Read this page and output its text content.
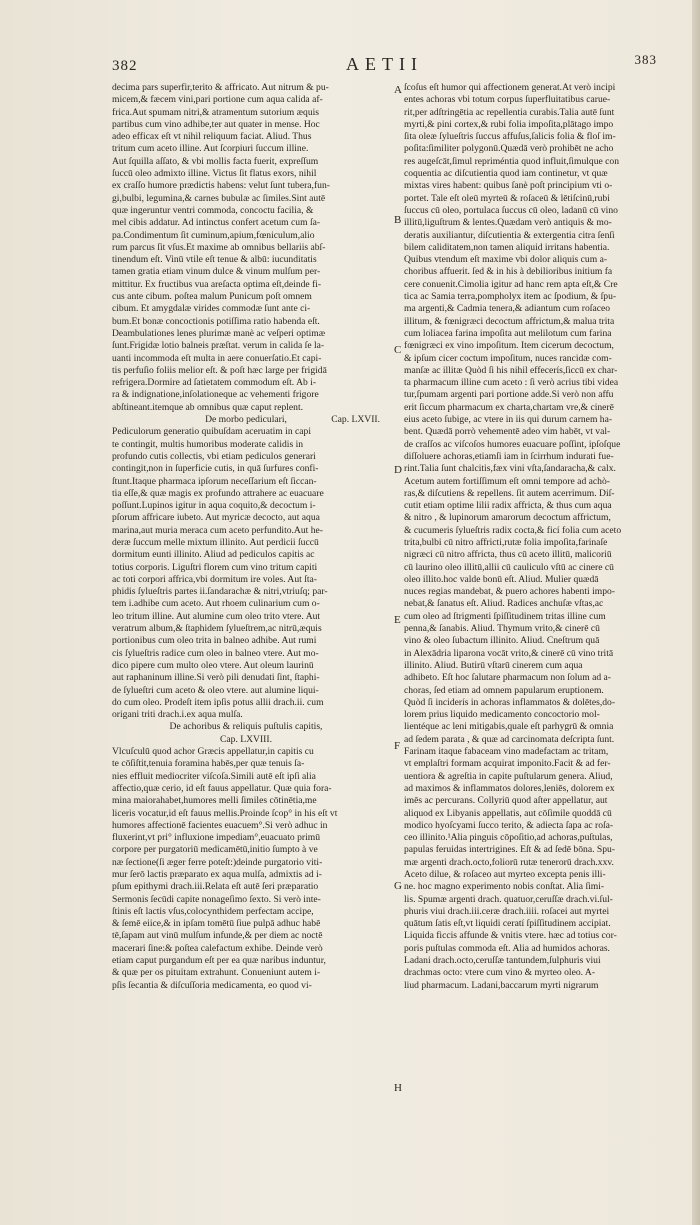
382	AETII	383
A
B
C
D
E
F
G
H
decima pars superfir,terito & affricato. Aut nitrum & pu-
micem,& fæcem vini,pari portione cum aqua calida af-
frica.Aut spumam nitri,& atramentum sutorium æquis
partibus cum vino adhibe,ter aut quater in mense. Hoc
adeo efficax eſt vt nihil reliquum faciat. Aliud. Thus
tritum cum aceto illine. Aut ſcorpiuri ſuccum illine.
Aut ſquilla aſſato, & vbi mollis facta fuerit, expreſſum
ſuccū oleo admixto illine. Victus ſit flatus exors, nihil
ex craſſo humore prædictis habens: velut ſunt tubera,fun-
gi,bulbi, legumina,& carnes bubulæ ac ſimiles.Sint autē
quæ ingeruntur ventri commoda, concoctu facilia, &
mel cibis addatur. Ad intinctus confert acetum cum ſa-
pa.Condimentum ſit cuminum,apium,fœniculum,alio
rum parcus ſit vſus.Et maxime ab omnibus bellariis abſ-
tinendum eſt. Vinū vtile eſt tenue & albū: iucunditatis
tamen gratia etiam vinum dulce & vinum mulſum per-
mittitur. Ex fructibus vua areſacta optima eſt,deinde fi-
cus ante cibum. poſtea malum Punicum poſt omnem
cibum. Et amygdalæ virides commodæ ſunt ante ci-
bum.Et bonæ concoctionis potiſſima ratio habenda eſt.
Deambulationes lenes plurimæ manè ac veſperi optimæ
ſunt.Frigidæ lotio balneis præſtat. verum in calida ſe la-
uanti incommoda eſt multa in aere conuerſatio.Et capi-
tis perfuſio foliis melior eſt. & poſt hæc large per frigidā
refrigera.Dormire ad ſatietatem commodum eſt. Ab i-
ra & indignatione,inſolationeque ac vehementi frigore
abſtineant.itemque ab omnibus quæ caput replent.
De morbo pediculari,	Cap. LXVII.
Pediculorum generatio quibuſdam aceruatim in capi
te contingit, multis humoribus moderate calidis in
profundo cutis collectis, vbi etiam pediculos generari
contingit,non in ſuperficie cutis, in quā ſurfures confi-
ſtunt.Itaque pharmaca ipſorum neceſſarium eſt ſiccan-
tia eſſe,& quæ magis ex profundo attrahere ac euacuare
poſſunt.Lupinos igitur in aqua coquito,& decoctum i-
pſorum affricare iubeto. Aut myricæ decocto, aut aqua
marina,aut muria meraca cum aceto perfundito.Aut he-
deræ ſuccum melle mixtum illinito. Aut perdicii ſuccū
dormitum eunti illinito. Aliud ad pediculos capitis ac
totius corporis. Liguſtri florem cum vino tritum capiti
ac toti corpori affrica,vbi dormitum ire voles. Aut ſta-
phidis ſylueſtris partes ii.ſandarachæ & nitri,vtriuſq; par-
tem i.adhibe cum aceto. Aut rhoem culinarium cum o-
leo tritum illine. Aut alumine cum oleo trito vtere. Aut
veratrum album,& ſtaphidem ſylueſtrem,ac nitrū,æquis
portionibus cum oleo trita in balneo adhibe. Aut rumi
cis ſylueſtris radice cum oleo in balneo vtere. Aut mo-
dico pipere cum multo oleo vtere. Aut oleum laurinū
aut raphaninum illine.Si verò pili denudati ſint, ſtaphi-
de ſylueſtri cum aceto & oleo vtere. aut alumine liqui-
do cum oleo. Prodeſt item ipſis potus allii drach.ii. cum
origani triti drach.i.ex aqua mulſa.
De achoribus & reliquis puſtulis capitis,
Cap. LXVIII.
Vlcuſculū quod achor Græcis appellatur,in capitis cu
te cōſiſtit,tenuia foramina habēs,per quæ tenuis ſa-
nies effluit mediocriter viſcoſa.Simili autē eſt ipſi alia
affectio,quæ cerio, id eſt fauus appellatur. Quæ quia fora-
mina maiorahabet,humores melli ſimiles cōtinētia,me
liceris vocatur,id eſt fauus mellis.Proinde ſcop° in his eſt vt
humores affectionē facientes euacuem°.Si verò adhuc in
fluxerint,vt pri° influxione impediam°,euacuato primū
corpore per purgatoriū medicamētū,initio ſumpto à ve
næ ſectione(ſi æger ferre poteſt:)deinde purgatorio viti-
mur ſerō lactis præparato ex aqua mulſa, admixtis ad i-
pſum epithymi drach.iii.Relata eſt autē ſeri præparatio
Sermonis ſecūdi capite nonageſimo ſexto. Si verò inte-
ſtinis eſt lactis vſus,colocynthidem perfectam accipe,
& ſemē eiice,& in ipſam tomētū ſiue pulpā adhuc habē
tē,ſapam aut vinū mulſum infunde,& per diem ac noctē
macerari ſine:& poſtea calefactum exhibe. Deinde verò
etiam caput purgandum eſt per ea quæ naribus induntur,
& quæ per os pituitam extrahunt. Conueniunt autem i-
pſis ſecantia & diſcuſſoria medicamenta, eo quod vi-
ſcoſus eſt humor qui affectionem generat.At verò incipi
entes achoras vbi totum corpus ſuperfluitatibus carue-
rit,per adſtringētia ac repellentia curabis.Talia autē ſunt
myrti,& pini cortex,& rubi folia impoſita,plātago impo
ſita oleæ ſylueſtris ſuccus affuſus,ſalicis folia & floſ im-
poſita:ſimiliter polygonū.Quædā verò prohibēt ne acho
res augeſcāt,ſimul repriméntia quod influit,ſimulque con
coquentia ac diſcutientia quod iam continetur, vt quæ
mixtas vires habent: quibus ſanè poſt principium vti o-
portet. Tale eſt oleū myrteū & roſaceū & lētiſcinū,rubi
ſuccus cū oleo, portulaca ſuccus cū oleo, ladanū cū vino
illitū,liguſtrum & lentes.Quædam verò antiquis & mo-
deratis auxiliantur, diſcutientia & extergentia citra ſenſi
bilem caliditatem,non tamen aliquid irritans habentia.
Quibus vtendum eſt maxime vbi dolor aliquis cum a-
choribus affuerit. ſed & in his à debilioribus initium fa
cere conuenit.Cimolia igitur ad hanc rem apta eſt,& Cre
tica ac Samia terra,pompholyx item ac ſpodium, & ſpu-
ma argenti,& Cadmia tenera,& adiantum cum roſaceo
illitum, & fœnigræci decoctum affrictum,& malua trita
cum loliacea farina impoſita aut melilotum cum farina
fœnigræci ex vino impoſitum. Item cicerum decoctum,
& ipſum cicer coctum impoſitum, nuces rancidæ com-
manſæ ac illitæ Quòd ſi his nihil effecerís,ſiccū ex char-
ta pharmacum illine cum aceto : ſi verò acrius tibi videa
tur,ſpumam argenti pari portione adde.Si verò non affu
erit ſiccum pharmacum ex charta,chartam vre,& cinerē
eius aceto ſubige, ac vtere in iis qui durum carnem ha-
bent. Quædā porrò vehementē adeo vim habēt, vt val-
de craſſos ac viſcoſos humores euacuare poſſint, ipſoſque
diſſoluere achoras,etiamſi iam in ſcirrhum indurati fue-
rint.Talia ſunt chalcitis,fæx vini vſta,ſandaracha,& calx.
Acetum autem fortiſſimum eſt omni tempore ad achò-
ras,& diſcutiens & repellens. ſit autem acerrimum. Diſ-
cutit etiam optime lilii radix affricta, & thus cum aqua
& nitro , & lupinorum amarorum decoctum affrictum,
& cucumeris ſylueſtris radix cocta,& ficí folia cum aceto
trita,bulbi cū nitro affricti,rutæ folia impoſita,farinaſe
nigræci cū nitro affricta, thus cū aceto illitū, malicoriū
cū laurino oleo illitū,allii cū cauliculo vſtū ac cinere cū
oleo illito.hoc valde bonū eſt. Aliud. Mulier quædā
nuces regias mandebat, & puero achores habenti impo-
nebat,& ſanatus eſt. Aliud. Radices anchuſæ vſtas,ac
cum oleo ad ſtrigmenti ſpiſſitudinem tritas illine cum
penna,& ſanabis. Aliud. Thymum vrito,& cinerē cū
vino & oleo ſubactum illinito. Aliud. Cneſtrum quā
in Alexādria liparona vocāt vrito,& cinerē cū vino tritā
illinito. Aliud. Butirū vſtarū cinerem cum aqua
adhibeto. Eſt hoc ſalutare pharmacum non ſolum ad a-
choras, ſed etiam ad omnem papularum eruptionem.
Quòd ſi inciderís in achoras inflammatos & dolētes,do-
lorem prius liquido medicamento concoctorio mol-
lientéque ac leni mitigabis,quale eſt parhygrū & omnia
ad ſedem parata , & quæ ad carcinomata deſcripta ſunt.
Farinam itaque fabaceam vino madefactam ac tritam,
vt emplaſtri formam acquirat imponito.Facit & ad fer-
uentiora & agreſtia in capite puſtularum genera. Aliud,
ad maximos & inflammatos dolores,leniēs, dolorem ex
imēs ac percurans. Collyriū quod aſter appellatur, aut
aliquod ex Libyanis appellatis, aut cōſimile quoddā cū
modico hyoſcyami ſucco terito, & adiecta ſapa ac roſa-
ceo illinito.¹Alia pinguis cōpoſitio,ad achoras,puſtulas,
papulas feruidas intertrigines. Eſt & ad ſedē bōna. Spu-
mæ argenti drach.octo,foliorū rutæ tenerorū drach.xxv.
Aceto dilue, & roſaceo aut myrteo excepta penis illi-
ne. hoc magno experimento nobis conſtat. Alia ſimi-
lis. Spumæ argenti drach. quatuor,ceruſſæ drach.vi.ſul-
phuris viui drach.iii.ceræ drach.iiii. roſacei aut myrtei
quātum ſatis eſt,vt liquidi ceratí ſpiſſitudinem accipiat.
Liquida ficcis affunde & vnitis vtere. hæc ad totius cor-
poris puſtulas commoda eſt. Alia ad humidos achoras.
Ladani drach.octo,ceruſſæ tantundem,ſulphuris viui
drachmas octo: vtere cum vino & myrteo oleo. A-
liud pharmacum. Ladani,baccarum myrti nigrarum
